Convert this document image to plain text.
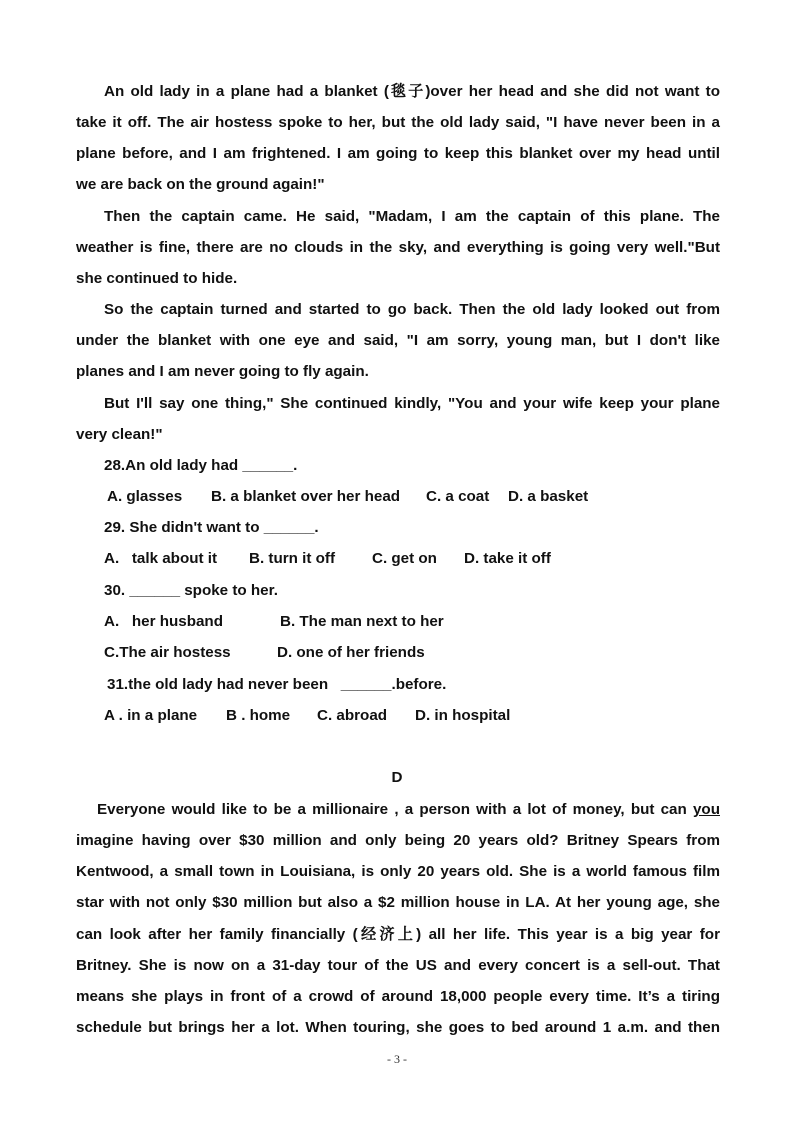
An old lady in a plane had a blanket (毯子)over her head and she did not want to
take it off. The air hostess spoke to her, but the old lady said, "I have never been in a
plane before, and I am frightened. I am going to keep this blanket over my head until
we are back on the ground again!"
Then the captain came. He said, "Madam, I am the captain of this plane. The
weather is fine, there are no clouds in the sky, and everything is going very well."But
she continued to hide.
So the captain turned and started to go back. Then the old lady looked out from
under the blanket with one eye and said, "I am sorry, young man, but I don't like
planes and I am never going to fly again.
But I'll say one thing," She continued kindly, "You and your wife keep your plane
very clean!"
28.An old lady had ______.
A. glasses B. a blanket over her head C. a coat D. a basket
29. She didn't want to ______.
A.   talk about it B. turn it off C. get on D. take it off
30. ______ spoke to her.
A.   her husband	B. The man next to her
C.The air hostess	D. one of her friends
31.the old lady had never been   ______.before.
A . in a plane B . home C. abroad D. in hospital
D
Everyone would like to be a millionaire , a person with a lot of money, but can you
imagine having over $30 million and only being 20 years old? Britney Spears from
Kentwood, a small town in Louisiana, is only 20 years old. She is a world famous film
star with not only $30 million but also a $2 million house in LA. At her young age, she
can look after her family financially (经济上) all her life. This year is a big year for
Britney. She is now on a 31-day tour of the US and every concert is a sell-out. That
means she plays in front of a crowd of around 18,000 people every time. It’s a tiring
schedule but brings her a lot. When touring, she goes to bed around 1 a.m. and then
- 3 -
